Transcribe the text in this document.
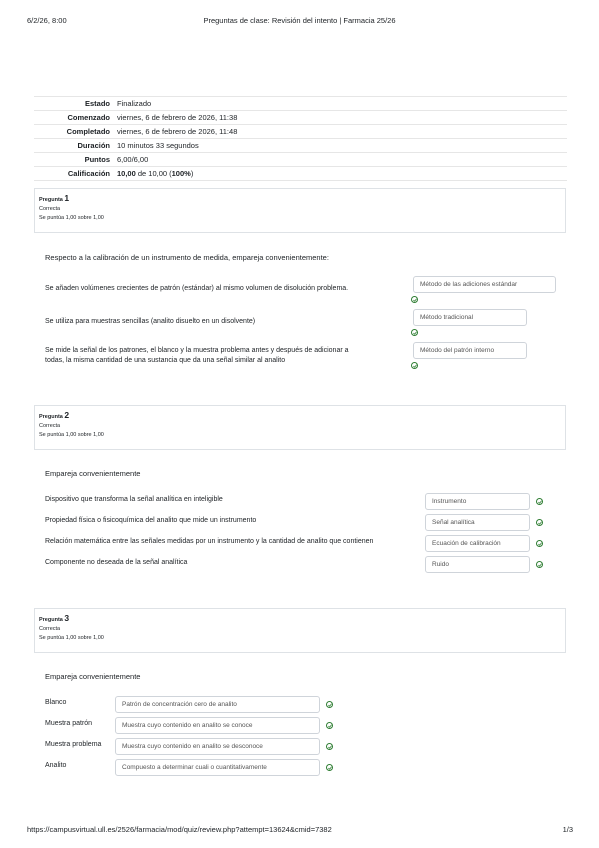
6/2/26, 8:00	Preguntas de clase: Revisión del intento | Farmacia 25/26
https://campusvirtual.ull.es/2526/farmacia/mod/quiz/review.php?attempt=13624&cmid=7382	1/3
Estado	Finalizado
Comenzado	viernes, 6 de febrero de 2026, 11:38
Completado	viernes, 6 de febrero de 2026, 11:48
Duración	10 minutos 33 segundos
Puntos	6,00/6,00
Calificación	10,00 de 10,00 (100%)
Pregunta 1
Correcta
Se puntúa 1,00 sobre 1,00
Respecto a la calibración de un instrumento de medida, empareja convenientemente:
Se añaden volúmenes crecientes de patrón (estándar) al mismo volumen de disolución problema.
Método de las adiciones estándar
Se utiliza para muestras sencillas (analito disuelto en un disolvente)
Método tradicional
Se mide la señal de los patrones, el blanco y la muestra problema antes y después de adicionar a
todas, la misma cantidad de una sustancia que da una señal similar al analito
Método del patrón interno
Pregunta 2
Correcta
Se puntúa 1,00 sobre 1,00
Empareja convenientemente
Dispositivo que transforma la señal analítica en inteligible	Instrumento
Propiedad física o fisicoquímica del analito que mide un instrumento	Señal analítica
Relación matemática entre las señales medidas por un instrumento y la cantidad de analito que contienen	Ecuación de calibración
Componente no deseada de la señal analítica	Ruido
Pregunta 3
Correcta
Se puntúa 1,00 sobre 1,00
Empareja convenientemente
Blanco	Patrón de concentración cero de analito
Muestra patrón	Muestra cuyo contenido en analito se conoce
Muestra problema	Muestra cuyo contenido en analito se desconoce
Analito	Compuesto a determinar cuali o cuantitativamente
